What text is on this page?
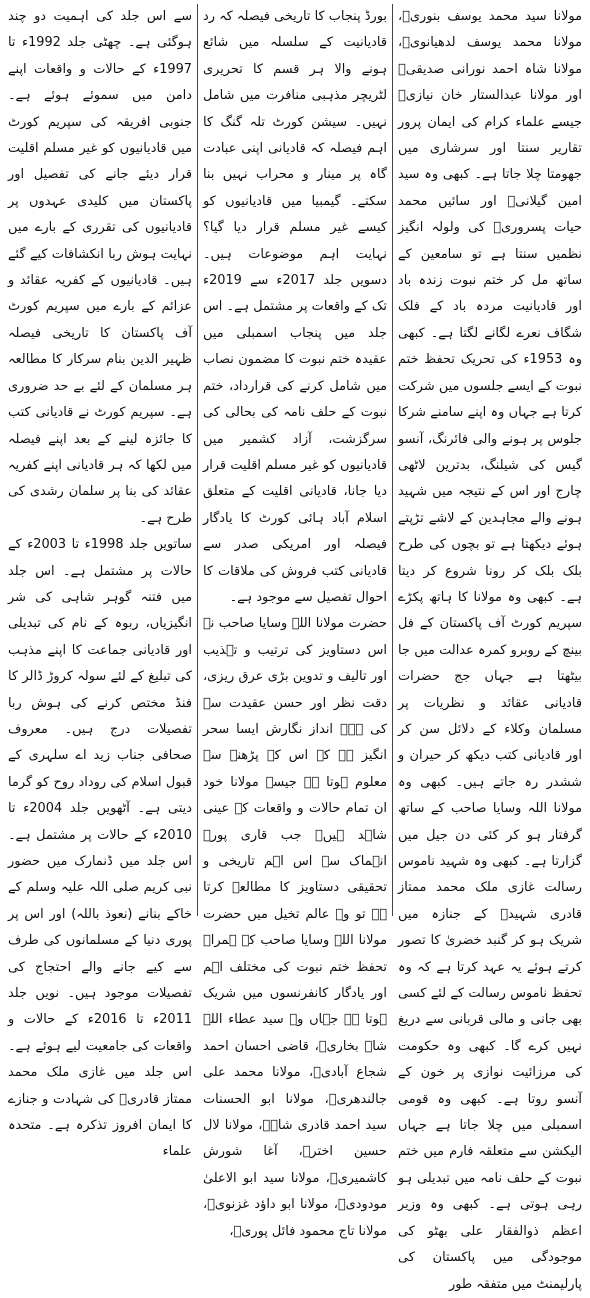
سے اس جلد کی اہمیت دو چند ہوگئی ہے۔ چھٹی جلد 1992ء تا 1997ء کے حالات و واقعات اپنے دامن میں سموئے ہوئے ہے۔ جنوبی افریقہ کی سپریم کورٹ میں قادیانیوں کو غیر مسلم اقلیت قرار دیئے جانے کی تفصیل اور پاکستان میں کلیدی عہدوں پر قادیانیوں کی تقرری کے بارے میں نہایت ہوش ربا انکشافات کیے گئے ہیں۔ قادیانیوں کے کفریہ عقائد و عزائم کے بارے میں سپریم کورٹ آف پاکستان کا تاریخی فیصلہ ظہیر الدین بنام سرکار کا مطالعہ ہر مسلمان کے لئے بے حد ضروری ہے۔ سپریم کورٹ نے قادیانی کتب کا جائزہ لینے کے بعد اپنے فیصلہ میں لکھا کہ ہر قادیانی اپنے کفریہ عقائد کی بنا پر سلمان رشدی کی طرح ہے۔

ساتویں جلد 1998ء تا 2003ء کے حالات پر مشتمل ہے۔ اس جلد میں فتنہ گوہر شاہی کی شر انگیزیاں، ربوہ کے نام کی تبدیلی اور قادیانی جماعت کا اپنے مذہب کی تبلیغ کے لئے سولہ کروڑ ڈالر کا فنڈ مختص کرنے کی ہوش ربا تفصیلات درج ہیں۔ معروف صحافی جناب زید اے سلہری کے قبول اسلام کی روداد روح کو گرما دیتی ہے۔ آٹھویں جلد 2004ء تا 2010ء کے حالات پر مشتمل ہے۔ اس جلد میں ڈنمارک میں حضور نبی کریم صلی اللہ علیہ وسلم کے خاکے بنانے (نعوذ باللہ) اور اس پر پوری دنیا کے مسلمانوں کی طرف سے کیے جانے والے احتجاج کی تفصیلات موجود ہیں۔ نویں جلد 2011ء تا 2016ء کے حالات و واقعات کی جامعیت لیے ہوئے ہے۔ اس جلد میں غازی ملک محمد ممتاز قادریؒ کی شہادت و جنازے کا ایمان افروز تذکرہ ہے۔ متحدہ علماء

بورڈ پنجاب کا تاریخی فیصلہ کہ رد قادیانیت کے سلسلہ میں شائع ہونے والا ہر قسم کا تحریری لٹریچر مذہبی منافرت میں شامل نہیں۔ سیشن کورٹ تلہ گنگ کا اہم فیصلہ کہ قادیانی اپنی عبادت گاہ پر مینار و محراب نہیں بنا سکتے۔ گیمبیا میں قادیانیوں کو کیسے غیر مسلم قرار دیا گیا؟ نہایت اہم موضوعات ہیں۔ دسویں جلد 2017ء سے 2019ء تک کے واقعات پر مشتمل ہے۔ اس جلد میں پنجاب اسمبلی میں عقیدہ ختم نبوت کا مضمون نصاب میں شامل کرنے کی قرارداد، ختم نبوت کے حلف نامہ کی بحالی کی سرگزشت، آزاد کشمیر میں قادیانیوں کو غیر مسلم اقلیت قرار دیا جانا، قادیانی اقلیت کے متعلق اسلام آباد ہائی کورٹ کا یادگار فیصلہ اور امریکی صدر سے قادیانی کتب فروش کی ملاقات کا احوال تفصیل سے موجود ہے۔

حضرت مولانا اللہ وسایا صاحب نے اس دستاویز کی ترتیب و تہذیب اور تالیف و تدوین بڑی عرق ریزی، دقت نظر اور حسن عقیدت سے کی ہے۔ انداز نگارش ایسا سحر انگیز ہے کہ اس کے پڑھنے سے معلوم ہوتا ہے جیسے مولانا خود ان تمام حالات و واقعات کے عینی شاہد ہیں۔ جب قاری پورے انہماک سے اس اہم تاریخی و تحقیقی دستاویز کا مطالعہ کرتا ہے تو وہ عالم تخیل میں حضرت مولانا اللہ وسایا صاحب کے ہمراہ تحفظ ختم نبوت کی مختلف اہم اور یادگار کانفرنسوں میں شریک ہوتا ہے جہاں وہ سید عطاء اللہ شاہ بخاریؒ، قاضی احسان احمد شجاع آبادیؒ، مولانا محمد علی جالندھریؒ، مولانا ابو الحسنات سید احمد قادری شاہؒ، مولانا لال حسین اخترؒ، آغا شورش کاشمیریؒ، مولانا سید ابو الاعلیٰ مودودیؒ، مولانا ابو داؤد غزنویؒ، مولانا تاج محمود فائل پوریؒ،

مولانا سید محمد یوسف بنوریؒ، مولانا محمد یوسف لدھیانویؒ، مولانا شاہ احمد نورانی صدیقیؒ اور مولانا عبدالستار خان نیازیؒ جیسے علماء کرام کی ایمان پرور تقاریر سنتا اور سرشاری میں جھومتا چلا جاتا ہے۔ کبھی وہ سید امین گیلانیؒ اور سائیں محمد حیات پسروریؒ کی ولولہ انگیز نظمیں سنتا ہے تو سامعین کے ساتھ مل کر ختم نبوت زندہ باد اور قادیانیت مردہ باد کے فلک شگاف نعرے لگانے لگتا ہے۔ کبھی وہ 1953ء کی تحریک تحفظ ختم نبوت کے ایسے جلسوں میں شرکت کرتا ہے جہاں وہ اپنے سامنے شرکا جلوس پر ہونے والی فائرنگ، آنسو گیس کی شیلنگ، بدترین لاٹھی چارج اور اس کے نتیجہ میں شہید ہونے والے مجاہدین کے لاشے تڑپتے ہوئے دیکھتا ہے تو بچوں کی طرح بلک بلک کر رونا شروع کر دیتا ہے۔ کبھی وہ مولانا کا ہاتھ پکڑے سپریم کورٹ آف پاکستان کے فل بینچ کے روبرو کمرہ عدالت میں جا بیٹھتا ہے جہاں جج حضرات قادیانی عقائد و نظریات پر مسلمان وکلاء کے دلائل سن کر اور قادیانی کتب دیکھ کر حیران و ششدر رہ جاتے ہیں۔ کبھی وہ مولانا اللہ وسایا صاحب کے ساتھ گرفتار ہو کر کئی دن جیل میں گزارتا ہے۔ کبھی وہ شہید ناموس رسالت غازی ملک محمد ممتاز قادری شہیدؒ کے جنازہ میں شریک ہو کر گنبد خضریٰ کا تصور کرتے ہوئے یہ عہد کرتا ہے کہ وہ تحفظ ناموس رسالت کے لئے کسی بھی جانی و مالی قربانی سے دریغ نہیں کرے گا۔ کبھی وہ حکومت کی مرزائیت نوازی پر خون کے آنسو روتا ہے۔ کبھی وہ قومی اسمبلی میں چلا جاتا ہے جہاں الیکشن سے متعلقہ فارم میں ختم نبوت کے حلف نامہ میں تبدیلی ہو رہی ہوتی ہے۔ کبھی وہ وزیر اعظم ذوالفقار علی بھٹو کی موجودگی میں پاکستان کی پارلیمنٹ میں متفقہ طور
